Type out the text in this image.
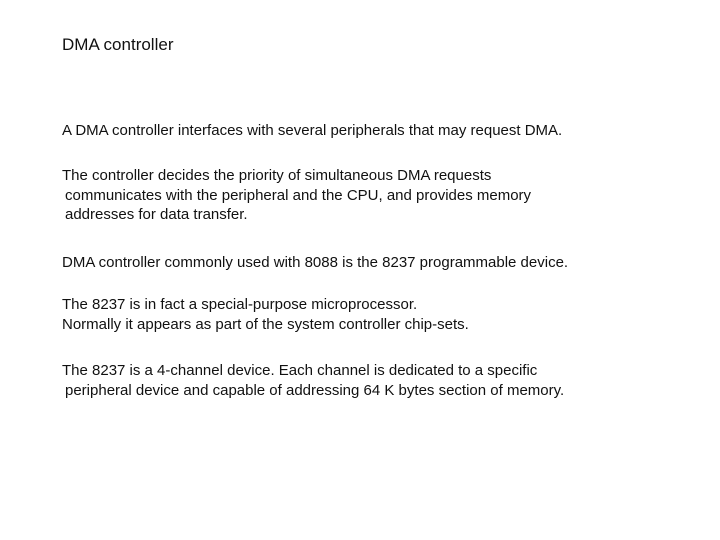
DMA controller

A DMA controller interfaces with several peripherals that may request DMA.

The controller decides the priority of simultaneous DMA requests
communicates with the peripheral and the CPU, and provides memory
addresses for data transfer.

DMA controller commonly used with 8088 is the 8237 programmable device.

The 8237 is in fact a special-purpose microprocessor.
Normally it appears as part of the system controller chip-sets.

The 8237 is a 4-channel device. Each channel is dedicated to a specific
peripheral device and capable of addressing 64 K bytes section of memory.
